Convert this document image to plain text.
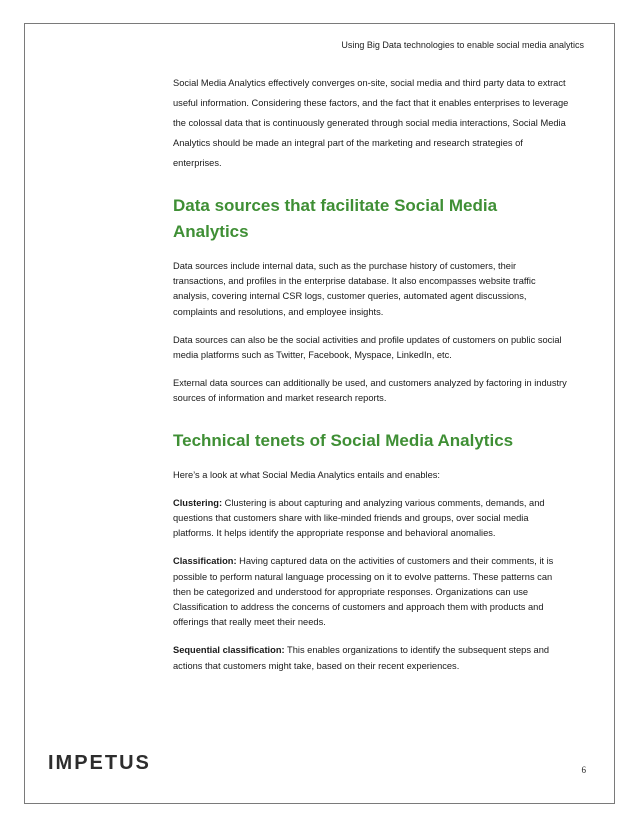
Using Big Data technologies to enable social media analytics

Social Media Analytics effectively converges on-site, social media and third party data to extract useful information. Considering these factors, and the fact that it enables enterprises to leverage the colossal data that is continuously generated through social media interactions, Social Media Analytics should be made an integral part of the marketing and research strategies of enterprises.

Data sources that facilitate Social Media Analytics

Data sources include internal data, such as the purchase history of customers, their transactions, and profiles in the enterprise database. It also encompasses website traffic analysis, covering internal CSR logs, customer queries, automated agent discussions, complaints and resolutions, and employee insights.

Data sources can also be the social activities and profile updates of customers on public social media platforms such as Twitter, Facebook, Myspace, LinkedIn, etc.

External data sources can additionally be used, and customers analyzed by factoring in industry sources of information and market research reports.

Technical tenets of Social Media Analytics

Here’s a look at what Social Media Analytics entails and enables:

Clustering: Clustering is about capturing and analyzing various comments, demands, and questions that customers share with like-minded friends and groups, over social media platforms. It helps identify the appropriate response and behavioral anomalies.

Classification: Having captured data on the activities of customers and their comments, it is possible to perform natural language processing on it to evolve patterns. These patterns can then be categorized and understood for appropriate responses. Organizations can use Classification to address the concerns of customers and approach them with products and offerings that really meet their needs.

Sequential classification: This enables organizations to identify the subsequent steps and actions that customers might take, based on their recent experiences.

IMPETUS	6
